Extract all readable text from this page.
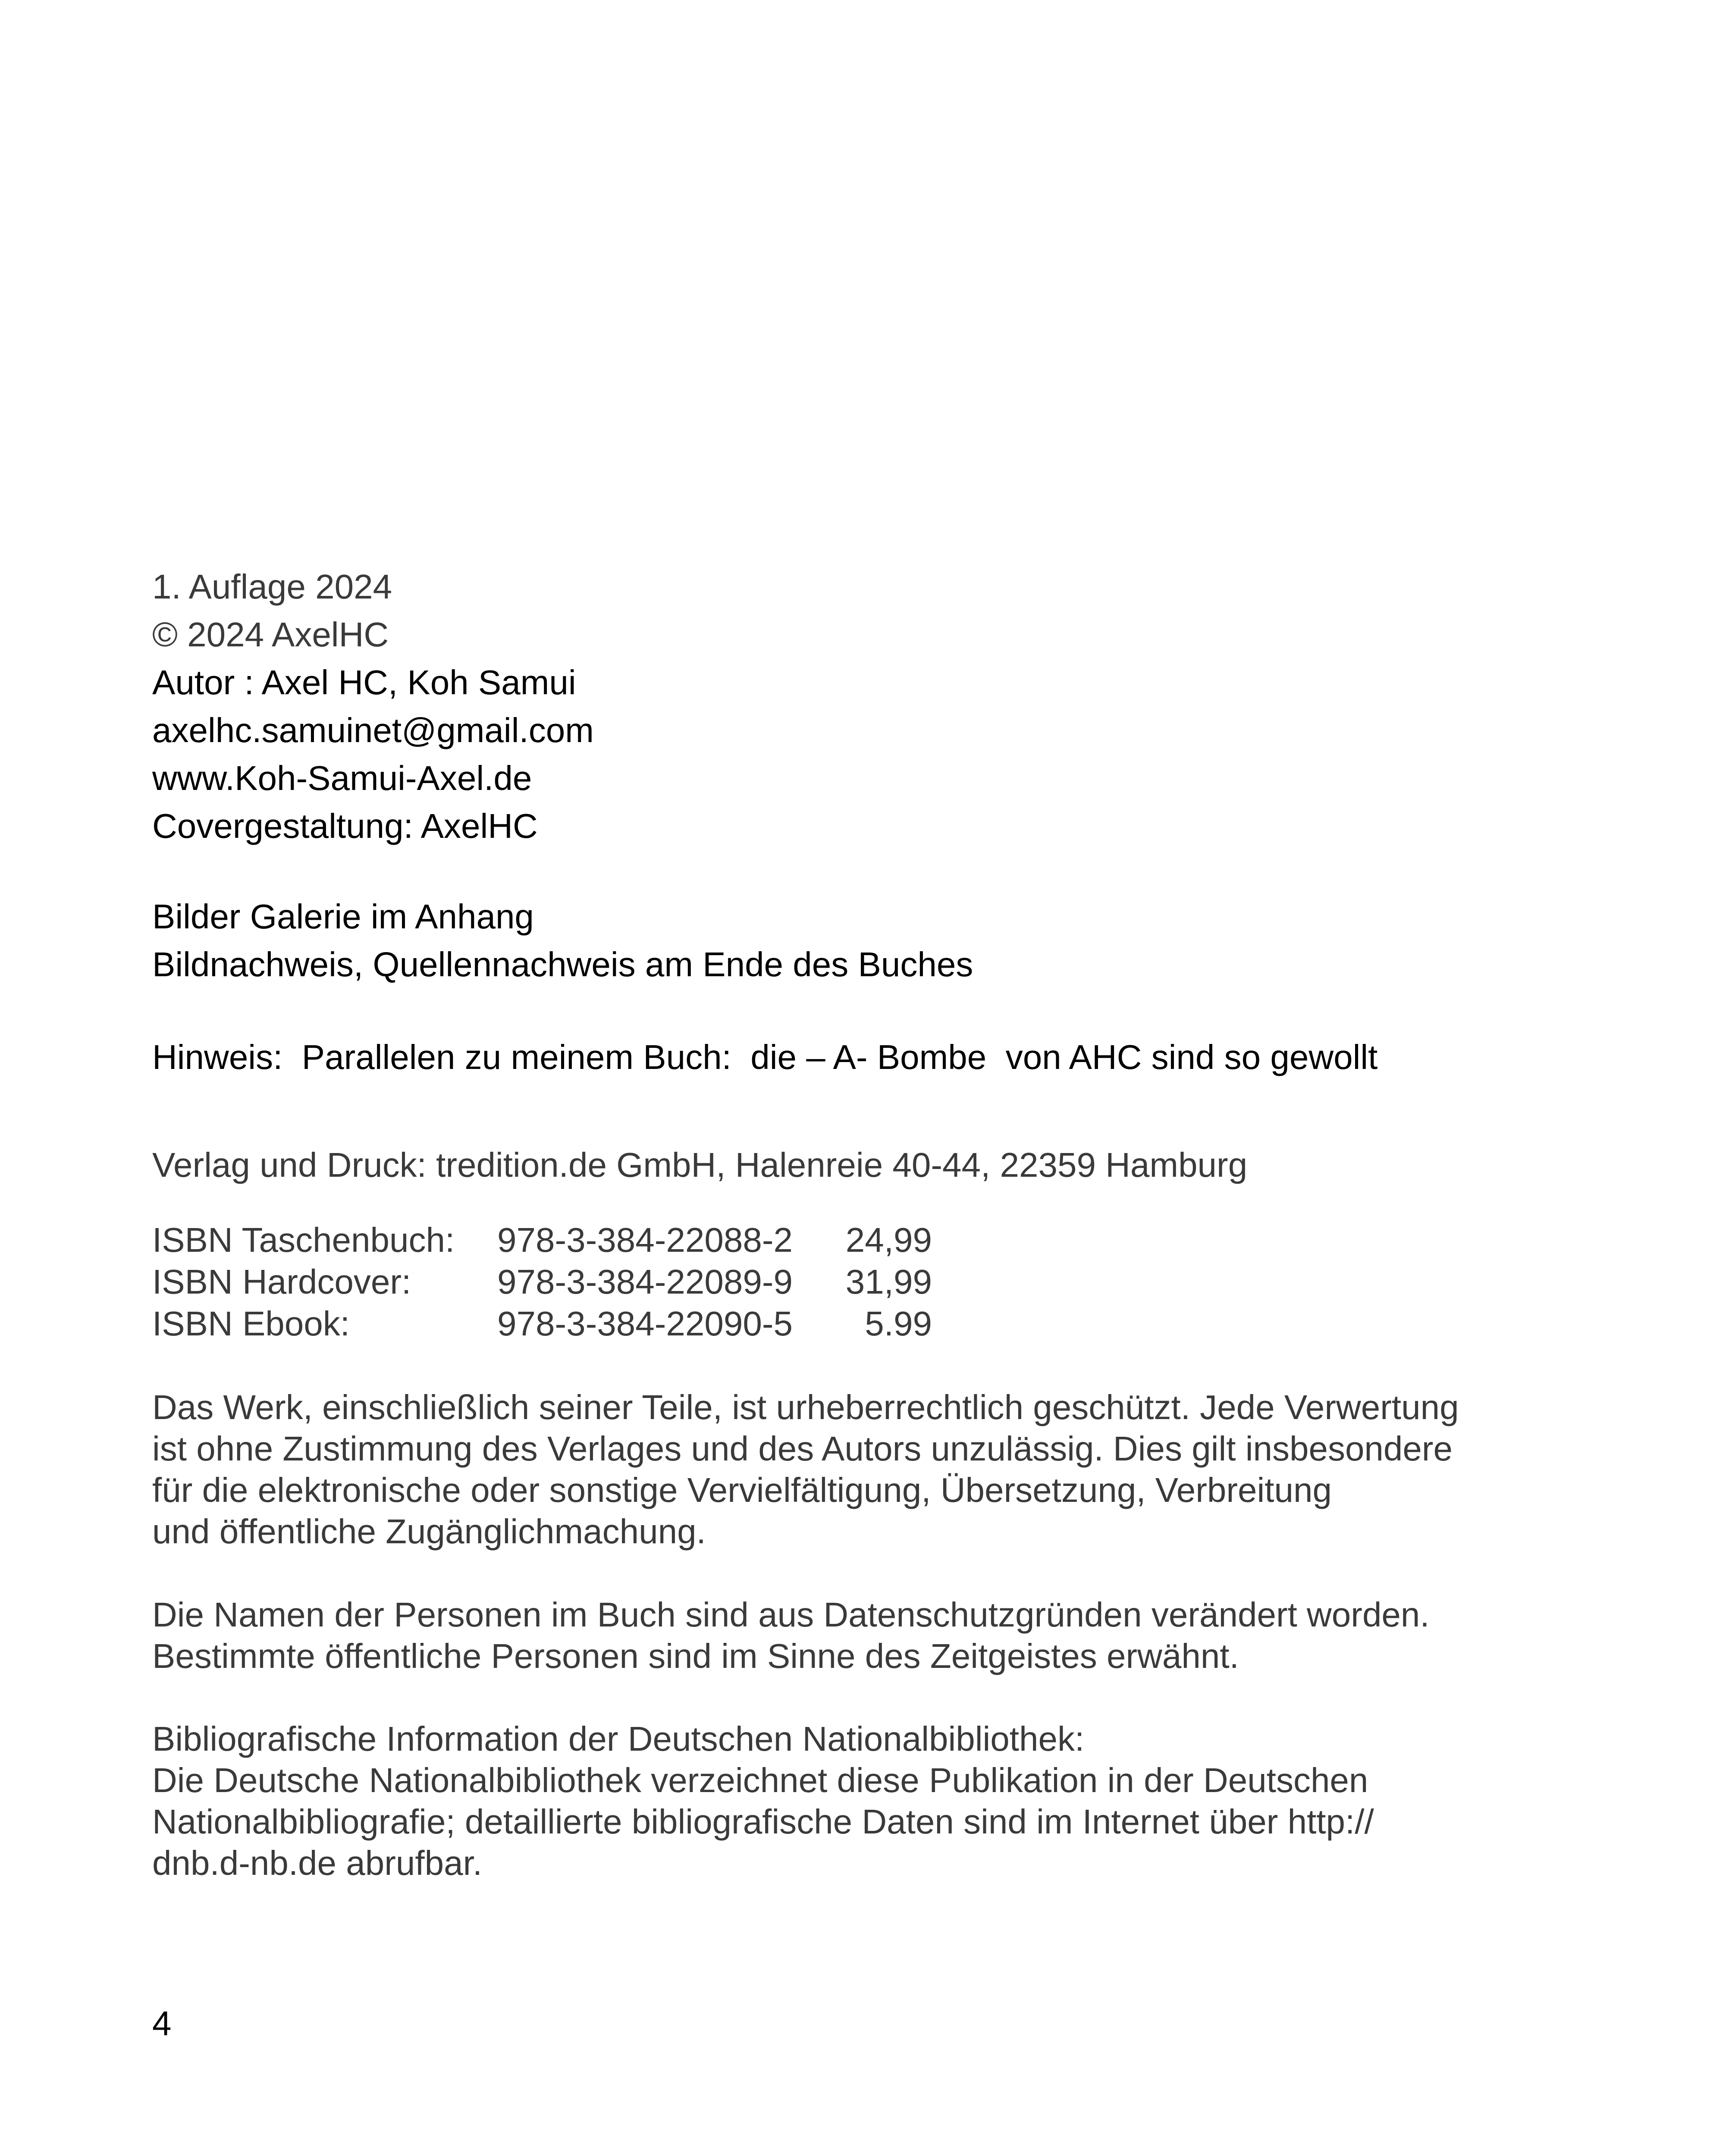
1. Auflage 2024
© 2024 AxelHC
Autor : Axel HC, Koh Samui
axelhc.samuinet@gmail.com
www.Koh-Samui-Axel.de
Covergestaltung: AxelHC
Bilder Galerie im Anhang
Bildnachweis, Quellennachweis am Ende des Buches
Hinweis:  Parallelen zu meinem Buch:  die – A- Bombe  von AHC sind so gewollt
Verlag und Druck: tredition.de GmbH, Halenreie 40-44, 22359 Hamburg
ISBN Taschenbuch:	978-3-384-22088-2	24,99
ISBN Hardcover:	978-3-384-22089-9	31,99
ISBN Ebook:	978-3-384-22090-5	5.99
Das Werk, einschließlich seiner Teile, ist urheberrechtlich geschützt. Jede Verwertung
ist ohne Zustimmung des Verlages und des Autors unzulässig. Dies gilt insbesondere
für die elektronische oder sonstige Vervielfältigung, Übersetzung, Verbreitung
und öffentliche Zugänglichmachung.
Die Namen der Personen im Buch sind aus Datenschutzgründen verändert worden.
Bestimmte öffentliche Personen sind im Sinne des Zeitgeistes erwähnt.
Bibliografische Information der Deutschen Nationalbibliothek:
Die Deutsche Nationalbibliothek verzeichnet diese Publikation in der Deutschen
Nationalbibliografie; detaillierte bibliografische Daten sind im Internet über http://
dnb.d-nb.de abrufbar.
4
